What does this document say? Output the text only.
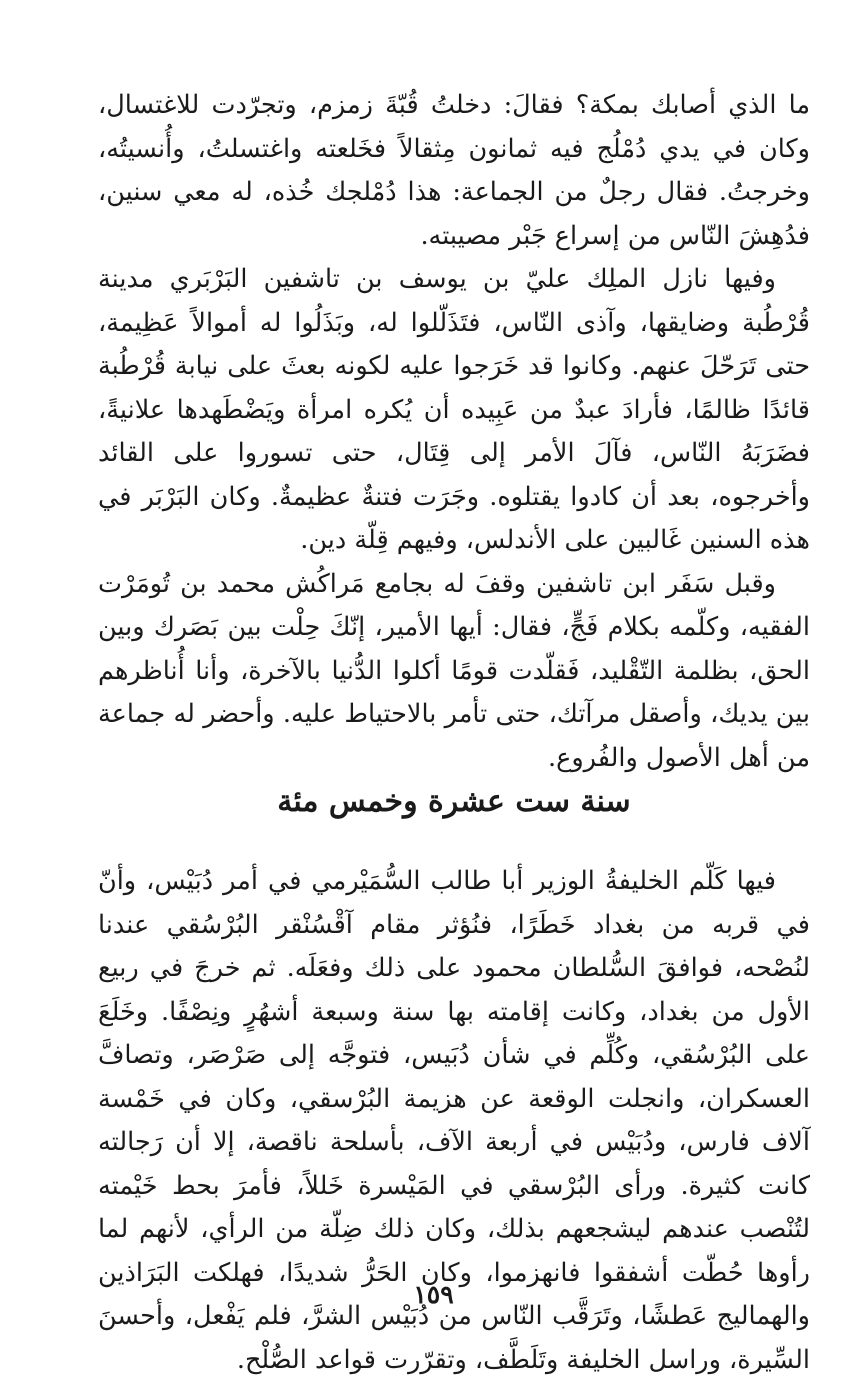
ما الذي أصابك بمكة؟ فقالَ: دخلتُ قُبّةَ زمزم، وتجرّدت للاغتسال، وكان في يدي دُمْلُج فيه ثمانون مِثقالاً فخَلعته واغتسلتُ، وأُنسيتُه، وخرجتُ. فقال رجلٌ من الجماعة: هذا دُمْلجك خُذه، له معي سنين، فدُهِشَ النّاس من إسراع جَبْر مصيبته.

وفيها نازل الملِك عليّ بن يوسف بن تاشفين البَرْبَري مدينة قُرْطُبة وضايقها، وآذى النّاس، فتَذَلّلوا له، وبَذَلُوا له أموالاً عَظِيمة، حتى تَرَحّلَ عنهم. وكانوا قد خَرَجوا عليه لكونه بعثَ على نيابة قُرْطُبة قائدًا ظالمًا، فأرادَ عبدٌ من عَبِيده أن يُكره امرأة ويَضْطَهدها علانيةً، فضَرَبَهُ النّاس، فآلَ الأمر إلى قِتَال، حتى تسوروا على القائد وأخرجوه، بعد أن كادوا يقتلوه. وجَرَت فتنةٌ عظيمةٌ. وكان البَرْبَر في هذه السنين غَالبين على الأندلس، وفيهم قِلّة دين.

وقبل سَفَر ابن تاشفين وقفَ له بجامع مَراكُش محمد بن تُومَرْت الفقيه، وكلّمه بكلام فَجٍّ، فقال: أيها الأمير، إنّكَ حِلْت بين بَصَرك وبين الحق، بظلمة التّقْليد، فَقلّدت قومًا أكلوا الدُّنيا بالآخرة، وأنا أُناظرهم بين يديك، وأصقل مرآتك، حتى تأمر بالاحتياط عليه. وأحضر له جماعة من أهل الأصول والفُروع.

سنة ست عشرة وخمس مئة

فيها كَلّم الخليفةُ الوزير أبا طالب السُّمَيْرمي في أمر دُبَيْس، وأنّ في قربه من بغداد خَطَرًا، فنُؤثر مقام آقْسُنْقر البُرْسُقي عندنا لنُصْحه، فوافقَ السُّلطان محمود على ذلك وفعَلَه. ثم خرجَ في ربيع الأول من بغداد، وكانت إقامته بها سنة وسبعة أشهُرٍ ونِصْفًا. وخَلَعَ على البُرْسُقي، وكُلِّم في شأن دُبَيس، فتوجَّه إلى صَرْصَر، وتصافَّ العسكران، وانجلت الوقعة عن هزيمة البُرْسقي، وكان في خَمْسة آلاف فارس، ودُبَيْس في أربعة الآف، بأسلحة ناقصة، إلا أن رَجالته كانت كثيرة. ورأى البُرْسقي في المَيْسرة خَللاً، فأمرَ بحط خَيْمته لتُنْصب عندهم ليشجعهم بذلك، وكان ذلك ضِلّة من الرأي، لأنهم لما رأوها حُطّت أشفقوا فانهزموا، وكان الحَرُّ شديدًا، فهلكت البَرَاذين والهماليج عَطشًا، وتَرَقَّب النّاس من دُبَيْس الشرَّ، فلم يَفْعل، وأحسنَ السِّيرة، وراسل الخليفة وتَلَطَّف، وتقرّرت قواعد الصُّلْح.

١٥٩
